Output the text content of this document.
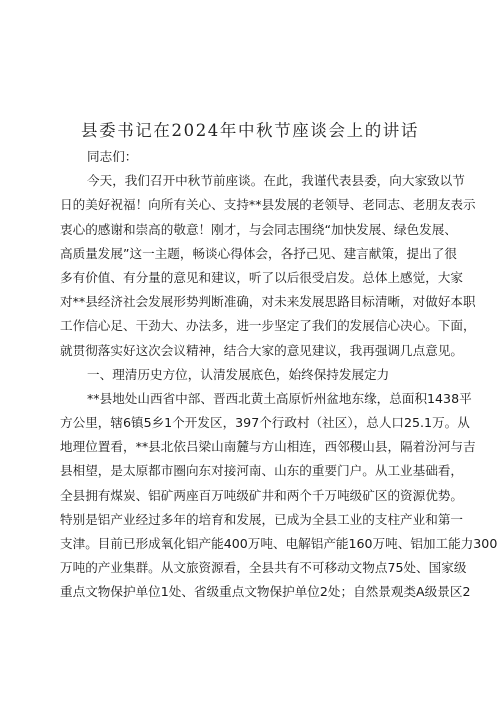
县委书记在2024年中秋节座谈会上的讲话
同志们：
今天，我们召开中秋节前座谈。在此，我谨代表县委，向大家致以节
日的美好祝福！向所有关心、支持**县发展的老领导、老同志、老朋友表示
衷心的感谢和崇高的敬意！刚才，与会同志围绕“加快发展、绿色发展、
高质量发展”这一主题，畅谈心得体会，各抒己见、建言献策，提出了很
多有价值、有分量的意见和建议，听了以后很受启发。总体上感觉，大家
对**县经济社会发展形势判断准确，对未来发展思路目标清晰，对做好本职
工作信心足、干劲大、办法多，进一步坚定了我们的发展信心决心。下面，
就贯彻落实好这次会议精神，结合大家的意见建议，我再强调几点意见。
一、理清历史方位，认清发展底色，始终保持发展定力
**县地处山西省中部、晋西北黄土高原忻州盆地东缘，总面积1438平
方公里，辖6镇5乡1个开发区，397个行政村（社区），总人口25.1万。从
地理位置看，**县北依吕梁山南麓与方山相连，西邻稷山县，隔着汾河与吉
县相望，是太原都市圈向东对接河南、山东的重要门户。从工业基础看，
全县拥有煤炭、铝矿两座百万吨级矿井和两个千万吨级矿区的资源优势。
特别是铝产业经过多年的培育和发展，已成为全县工业的支柱产业和第一
支津。目前已形成氧化铝产能400万吨、电解铝产能160万吨、铝加工能力300
万吨的产业集群。从文旅资源看，全县共有不可移动文物点75处、国家级
重点文物保护单位1处、省级重点文物保护单位2处；自然景观类A级景区2
